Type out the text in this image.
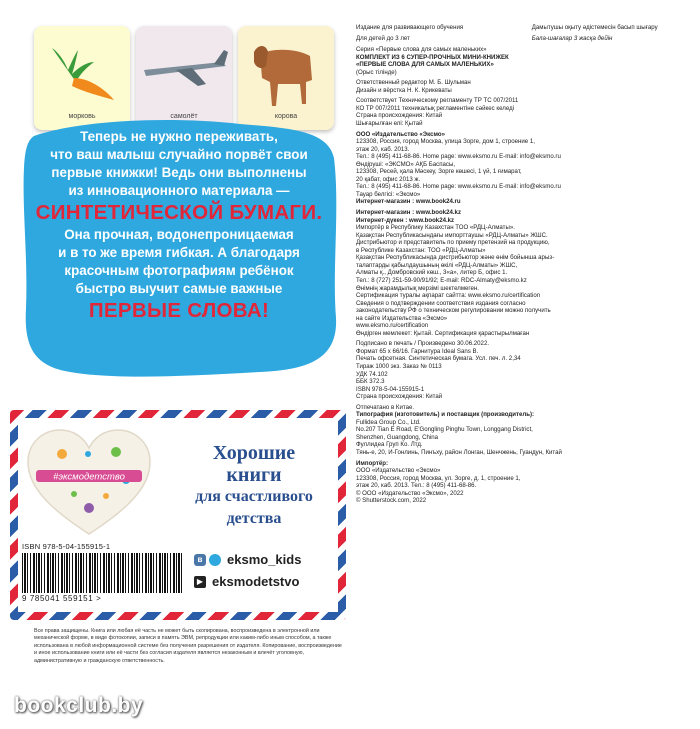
морковь	самолёт	корова
Теперь не нужно переживать,
что ваш малыш случайно порвёт свои
первые книжки! Ведь они выполнены
из инновационного материала —
СИНТЕТИЧЕСКОЙ БУМАГИ.
Она прочная, водонепроницаемая
и в то же время гибкая. А благодаря
красочным фотографиям ребёнок
быстро выучит самые важные
ПЕРВЫЕ СЛОВА!
#эксмодетство
Хорошие
книги
для счастливого
детства
ISBN 978-5-04-155915-1
9 785041 559151 >
в eksmo_kids
▶ eksmodetstvo
Все права защищены. Книга или любая её часть не может быть скопирована, воспроизведена в электронной или механической форме, в виде фотокопии, записи в память ЭВМ, репродукции или каким-либо иным способом, а также использована в любой информационной системе без получения разрешения от издателя. Копирование, воспроизведение и иное использование книги или её части без согласия издателя является незаконным и влечёт уголовную, административную и гражданскую ответственность.
bookclub.by
Издание для развивающего обучения	Дамытушы оқыту әдістемесін басып шығару
Для детей до 3 лет	Бала-шағалар 3 жасқа дейін
Серия «Первые слова для самых маленьких»
КОМПЛЕКТ ИЗ 6 СУПЕР-ПРОЧНЫХ МИНИ-КНИЖЕК
«ПЕРВЫЕ СЛОВА ДЛЯ САМЫХ МАЛЕНЬКИХ»
(Орыс тілінде)
Ответственный редактор М. Б. Шульман
Дизайн и вёрстка Н. К. Крикеваты
Соответствует Техническому регламенту ТР ТС 007/2011
КО ТР 007/2011 техникалық регламентіне сәйкес келеді
Страна происхождения: Китай
Шығарылған елі: Қытай
ООО «Издательство «Эксмо»
123308, Россия, город Москва, улица Зорге, дом 1, строение 1,
этаж 20, каб. 2013.
Тел.: 8 (495) 411-68-86. Home page: www.eksmo.ru E-mail: info@eksmo.ru
Өндіруші: «ЭКСМО» АҚБ Баспасы,
123308, Ресей, қала Мәскеу, Зорге көшесі, 1 үй, 1 ғимарат,
20 қабат, офис 2013 ж.
Тел.: 8 (495) 411-68-86. Home page: www.eksmo.ru E-mail: info@eksmo.ru
Тауар белгісі: «Эксмо»
Интернет-магазин : www.book24.ru
Интернет-магазин : www.book24.kz
Интернет-дүкен : www.book24.kz
Импортёр в Республику Казахстан ТОО «РДЦ-Алматы».
Қазақстан Республикасындағы импорттаушы «РДЦ-Алматы» ЖШС.
Дистрибьютор и представитель по приему претензий на продукцию,
в Республике Казахстан: ТОО «РДЦ-Алматы»
Қазақстан Республикасында дистрибьютор және өнім бойынша арыз-
талаптарды қабылдаушының өкілі «РДЦ-Алматы» ЖШС,
Алматы қ., Домбровский көш., 3«а», литер Б, офис 1.
Тел.: 8 (727) 251-59-90/91/92; E-mail: RDC-Almaty@eksmo.kz
Өнімнің жарамдылық мерзімі шектелмеген.
Сертификация туралы ақпарат сайтта: www.eksmo.ru/certification
Сведения о подтверждении соответствия издания согласно
законодательству РФ о техническом регулировании можно получить
на сайте Издательства «Эксмо»
www.eksmo.ru/certification
Өндірген мемлекет: Қытай. Сертификация қарастырылмаған
Подписано в печать / Произведено 30.06.2022.
Формат 65 x 66/16. Гарнитура Ideal Sans В.
Печать офсетная. Синтетическая бумага. Усл. печ. л. 2,34
Тираж 1000 экз. Заказ № 0113
УДК 74.102
ББК 372.3
ISBN 978-5-04-155915-1
Страна происхождения: Китай
Отпечатано в Китае.
Типография (изготовитель) и поставщик (производитель):
Fullidea Group Co., Ltd.
No.207 Tian E Road, E'Gongling Pinghu Town, Longgang District,
Shenzhen, Guangdong, China
Фуллидеа Груп Ко. Лтд.
Тянь-е, 20, И-Гонлинь, Пинъху, район Лонган, Шенчжень, Гуандун, Китай
Импортёр:
ООО «Издательство «Эксмо»
123308, Россия, город Москва, ул. Зорге, д. 1, строение 1,
этаж 20, каб. 2013. Тел.: 8 (495) 411-68-86.
© ООО «Издательство «Эксмо», 2022
© Shutterstock.com, 2022
